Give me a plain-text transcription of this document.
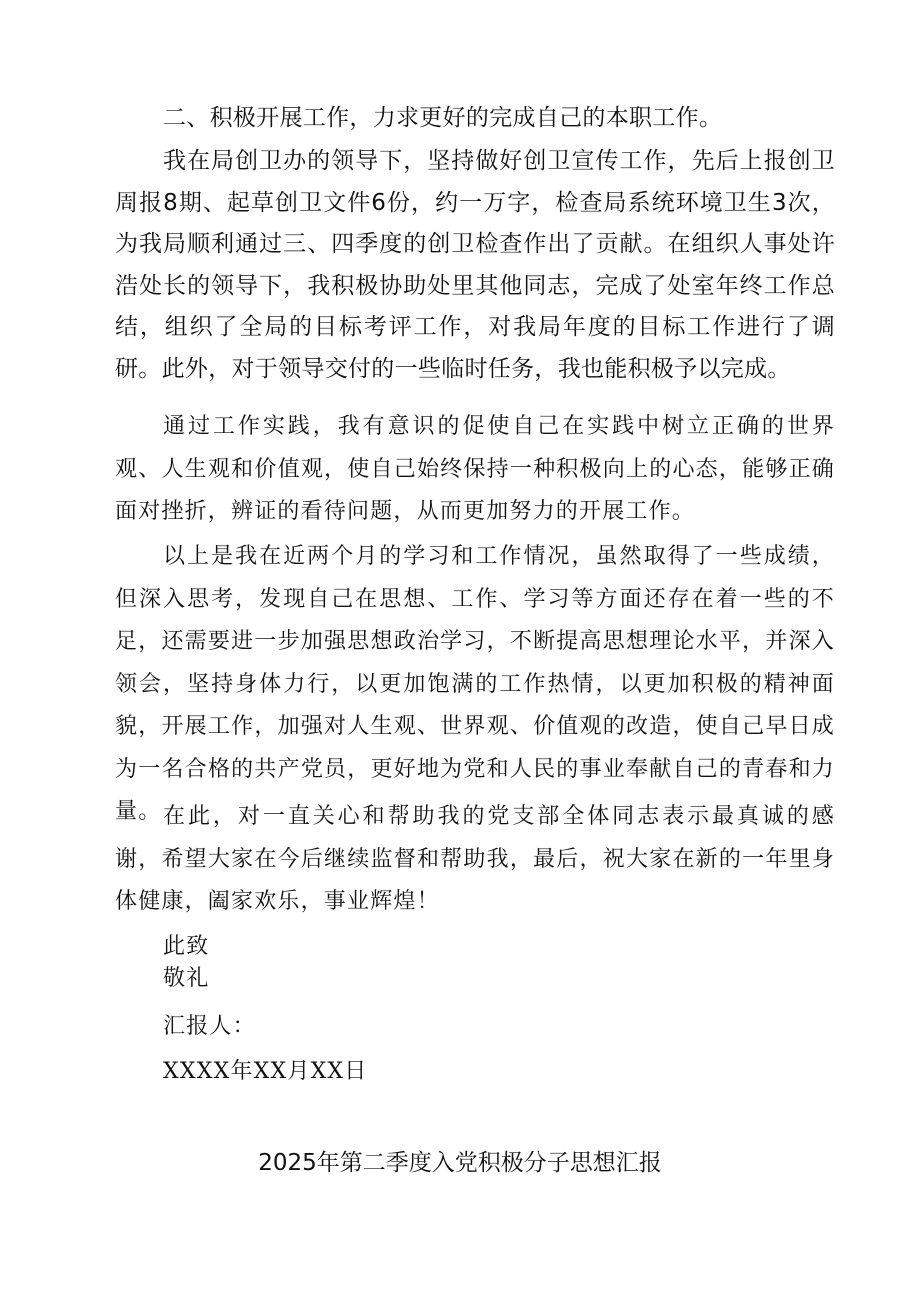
二、积极开展工作，力求更好的完成自己的本职工作。

我在局创卫办的领导下，坚持做好创卫宣传工作，先后上报创卫周报8期、起草创卫文件6份，约一万字，检查局系统环境卫生3次，为我局顺利通过三、四季度的创卫检查作出了贡献。在组织人事处许浩处长的领导下，我积极协助处里其他同志，完成了处室年终工作总结，组织了全局的目标考评工作，对我局年度的目标工作进行了调研。此外，对于领导交付的一些临时任务，我也能积极予以完成。

通过工作实践，我有意识的促使自己在实践中树立正确的世界观、人生观和价值观，使自己始终保持一种积极向上的心态，能够正确面对挫折，辨证的看待问题，从而更加努力的开展工作。

以上是我在近两个月的学习和工作情况，虽然取得了一些成绩，但深入思考，发现自己在思想、工作、学习等方面还存在着一些的不足，还需要进一步加强思想政治学习，不断提高思想理论水平，并深入领会，坚持身体力行，以更加饱满的工作热情，以更加积极的精神面貌，开展工作，加强对人生观、世界观、价值观的改造，使自己早日成为一名合格的共产党员，更好地为党和人民的事业奉献自己的青春和力量。 在此，对一直关心和帮助我的党支部全体同志表示最真诚的感谢，希望大家在今后继续监督和帮助我，最后，祝大家在新的一年里身体健康，阖家欢乐，事业辉煌！

此致

敬礼

汇报人：

XXXX年XX月XX日

2025年第二季度入党积极分子思想汇报
